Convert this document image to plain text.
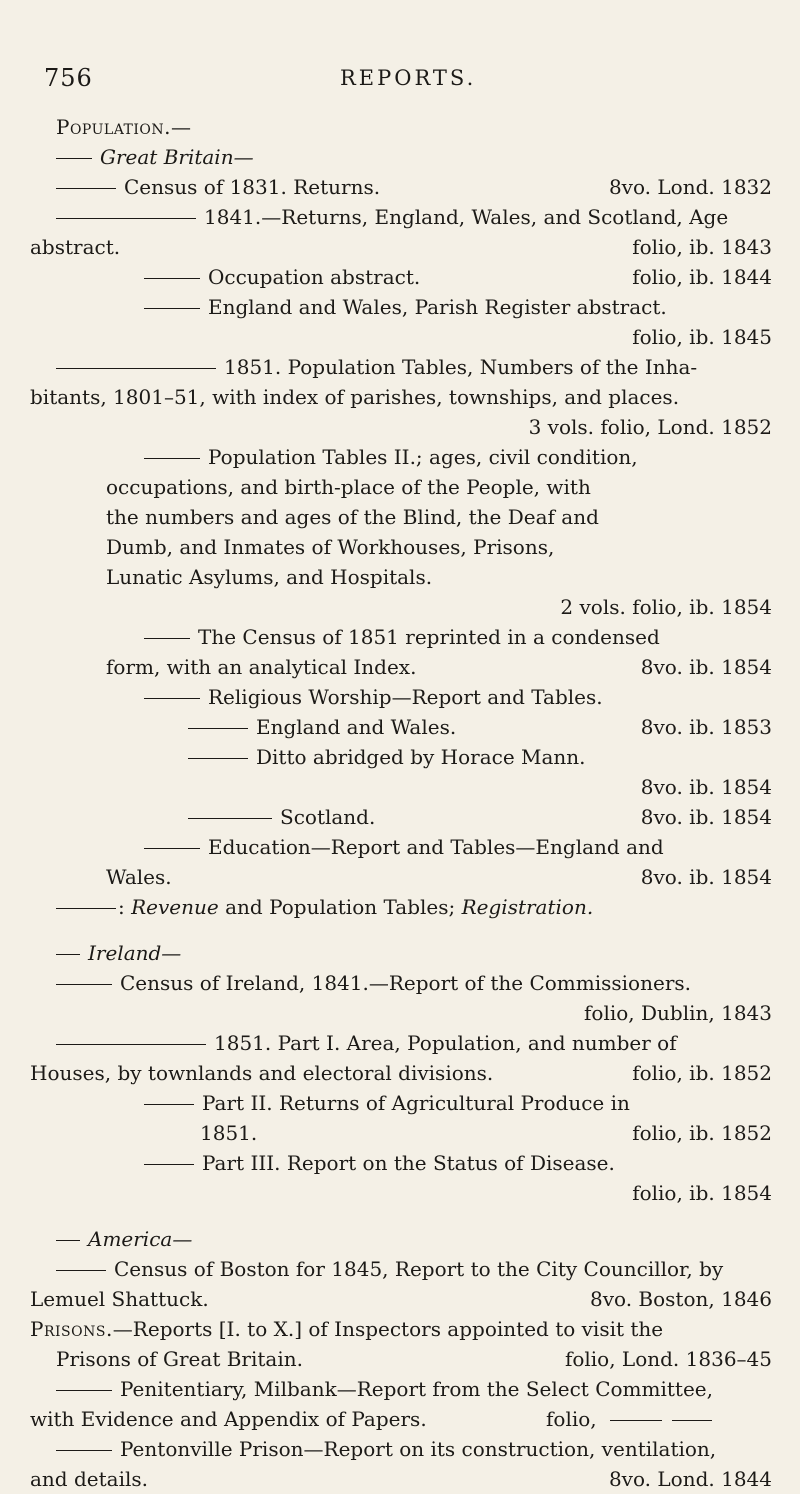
756	REPORTS.
Population.—
Great Britain—
Census of 1831. Returns.	8vo. Lond. 1832
1841.—Returns, England, Wales, and Scotland, Age
abstract.	folio, ib. 1843
Occupation abstract.	folio, ib. 1844
England and Wales, Parish Register abstract.
folio, ib. 1845
1851. Population Tables, Numbers of the Inha-
bitants, 1801–51, with index of parishes, townships, and places.
3 vols. folio, Lond. 1852
Population Tables II.; ages, civil condition,
occupations, and birth-place of the People, with
the numbers and ages of the Blind, the Deaf and
Dumb, and Inmates of Workhouses, Prisons,
Lunatic Asylums, and Hospitals.
2 vols. folio, ib. 1854
The Census of 1851 reprinted in a condensed
form, with an analytical Index.	8vo. ib. 1854
Religious Worship—Report and Tables.
England and Wales.	8vo. ib. 1853
Ditto abridged by Horace Mann.
8vo. ib. 1854
Scotland.	8vo. ib. 1854
Education—Report and Tables—England and
Wales.	8vo. ib. 1854
: Revenue and Population Tables; Registration.
Ireland—
Census of Ireland, 1841.—Report of the Commissioners.
folio, Dublin, 1843
1851. Part I. Area, Population, and number of
Houses, by townlands and electoral divisions.	folio, ib. 1852
Part II. Returns of Agricultural Produce in
1851.	folio, ib. 1852
Part III. Report on the Status of Disease.
folio, ib. 1854
America—
Census of Boston for 1845, Report to the City Councillor, by
Lemuel Shattuck.	8vo. Boston, 1846
Prisons.—Reports [I. to X.] of Inspectors appointed to visit the
Prisons of Great Britain.	folio, Lond. 1836–45
Penitentiary, Milbank—Report from the Select Committee,
with Evidence and Appendix of Papers.	folio,
Pentonville Prison—Report on its construction, ventilation,
and details.	8vo. Lond. 1844
